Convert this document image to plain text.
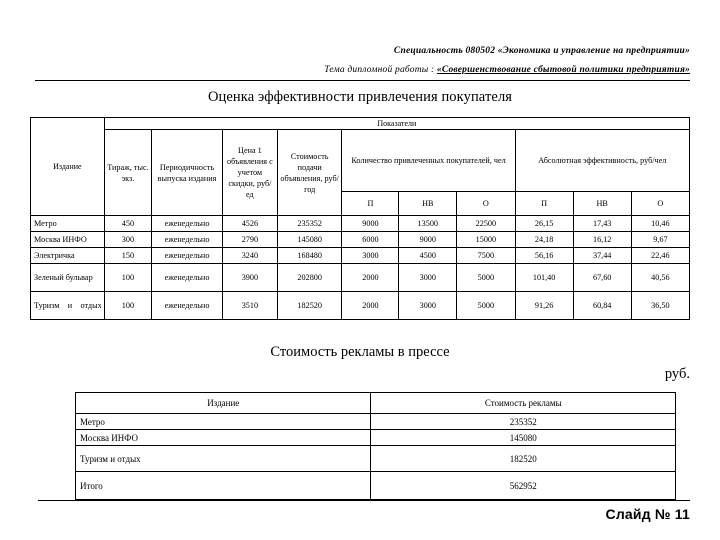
Специальность 080502 «Экономика и управление на предприятии»
Тема дипломной работы : «Совершенствование сбытовой политики предприятия»
Оценка эффективности привлечения покупателя
Издание	Показатели									
	Тираж, тыс. экз.	Периодичность выпуска издания	Цена 1 объявления с учетом скидки, руб/ед	Стоимость подачи объявления, руб/год	Количество привлеченных покупателей, чел			Абсолютная эффективность, руб/чел		
					П	НВ	О	П	НВ	О
Метро	450	еженедельно	4526	235352	9000	13500	22500	26,15	17,43	10,46
Москва ИНФО	300	еженедельно	2790	145080	6000	9000	15000	24,18	16,12	9,67
Электричка	150	еженедельно	3240	168480	3000	4500	7500	56,16	37,44	22,46
Зеленый бульвар	100	еженедельно	3900	202800	2000	3000	5000	101,40	67,60	40,56
Туризм и отдых	100	еженедельно	3510	182520	2000	3000	5000	91,26	60,84	36,50
Стоимость рекламы в прессе
руб.
Издание	Стоимость рекламы
Метро	235352
Москва ИНФО	145080
Туризм и отдых	182520
Итого	562952
Слайд № 11
